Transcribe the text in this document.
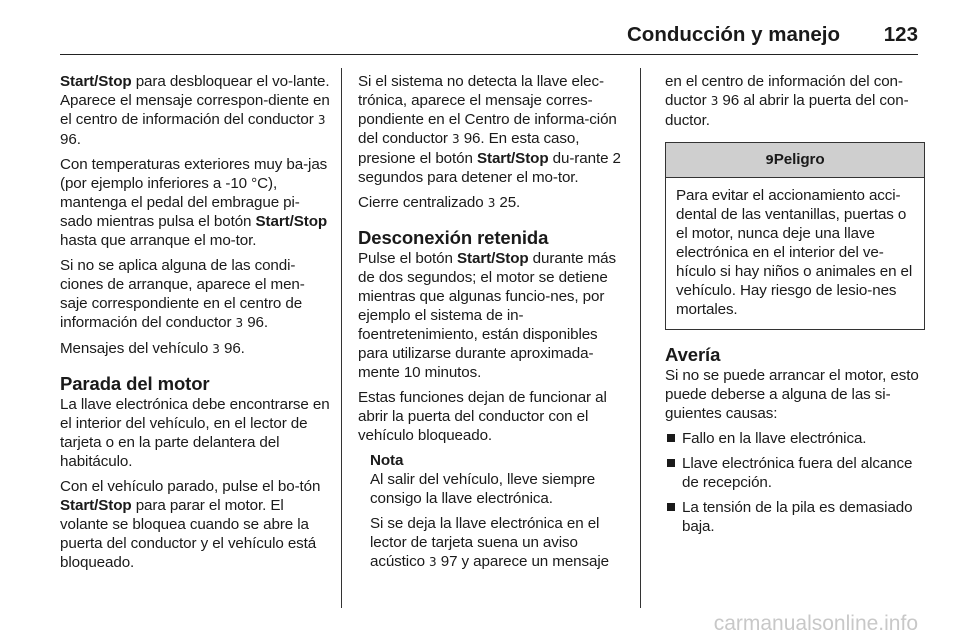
Conducción y manejo 123

Start/Stop para desbloquear el vo-lante. Aparece el mensaje correspon-diente en el centro de información del conductor 3 96.

Con temperaturas exteriores muy ba-jas (por ejemplo inferiores a -10 °C), mantenga el pedal del embrague pi-sado mientras pulsa el botón Start/Stop hasta que arranque el mo-tor.

Si no se aplica alguna de las condi-ciones de arranque, aparece el men-saje correspondiente en el centro de información del conductor 3 96.

Mensajes del vehículo 3 96.

Parada del motor

La llave electrónica debe encontrarse en el interior del vehículo, en el lector de tarjeta o en la parte delantera del habitáculo.

Con el vehículo parado, pulse el bo-tón Start/Stop para parar el motor. El volante se bloquea cuando se abre la puerta del conductor y el vehículo está bloqueado.

Si el sistema no detecta la llave elec-trónica, aparece el mensaje corres-pondiente en el Centro de informa-ción del conductor 3 96. En esta caso, presione el botón Start/Stop du-rante 2 segundos para detener el mo-tor.

Cierre centralizado 3 25.

Desconexión retenida

Pulse el botón Start/Stop durante más de dos segundos; el motor se detiene mientras que algunas funcio-nes, por ejemplo el sistema de in-foentretenimiento, están disponibles para utilizarse durante aproximada-mente 10 minutos.

Estas funciones dejan de funcionar al abrir la puerta del conductor con el vehículo bloqueado.

Nota

Al salir del vehículo, lleve siempre consigo la llave electrónica.

Si se deja la llave electrónica en el lector de tarjeta suena un aviso acústico 3 97 y aparece un mensaje

en el centro de información del con-ductor 3 96 al abrir la puerta del con-ductor.

9Peligro
Para evitar el accionamiento acci-dental de las ventanillas, puertas o el motor, nunca deje una llave electrónica en el interior del ve-hículo si hay niños o animales en el vehículo. Hay riesgo de lesio-nes mortales.
Avería

Si no se puede arrancar el motor, esto puede deberse a alguna de las si-guientes causas:

Fallo en la llave electrónica.
Llave electrónica fuera del alcance de recepción.
La tensión de la pila es demasiado baja.
carmanualsonline.info
